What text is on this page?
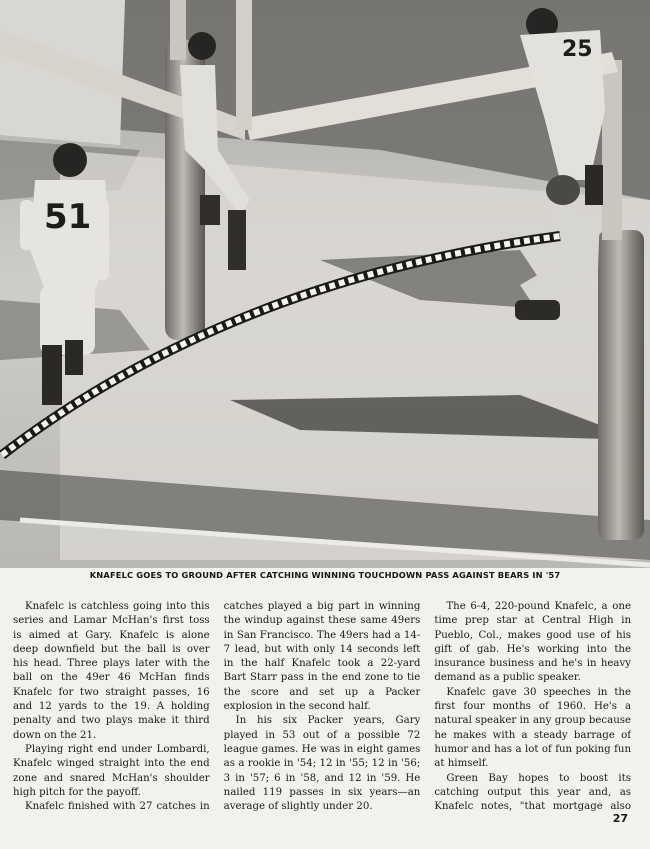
51
25
KNAFELC GOES TO GROUND AFTER CATCHING WINNING TOUCHDOWN PASS AGAINST BEARS IN '57

Knafelc is catchless going into this series and Lamar McHan's first toss is aimed at Gary. Knafelc is alone deep downfield but the ball is over his head. Three plays later with the ball on the 49er 46 McHan finds Knafelc for two straight passes, 16 and 12 yards to the 19. A holding penalty and two plays make it third down on the 21.

Playing right end under Lombardi, Knafelc winged straight into the end zone and snared McHan's shoulder high pitch for the payoff.

Knafelc finished with 27 catches in

catches played a big part in winning the windup against these same 49ers in San Francisco. The 49ers had a 14-7 lead, but with only 14 seconds left in the half Knafelc took a 22-yard Bart Starr pass in the end zone to tie the score and set up a Packer explosion in the second half.

In his six Packer years, Gary played in 53 out of a possible 72 league games. He was in eight games as a rookie in '54; 12 in '55; 12 in '56; 3 in '57; 6 in '58, and 12 in '59. He nailed 119 passes in six years—an average of slightly under 20.

The 6-4, 220-pound Knafelc, a one time prep star at Central High in Pueblo, Col., makes good use of his gift of gab. He's working into the insurance business and he's in heavy demand as a public speaker.

Knafelc gave 30 speeches in the first four months of 1960. He's a natural speaker in any group because he makes with a steady barrage of humor and has a lot of fun poking fun at himself.

Green Bay hopes to boost its catching output this year and, as Knafelc notes, "that mortgage also

27
